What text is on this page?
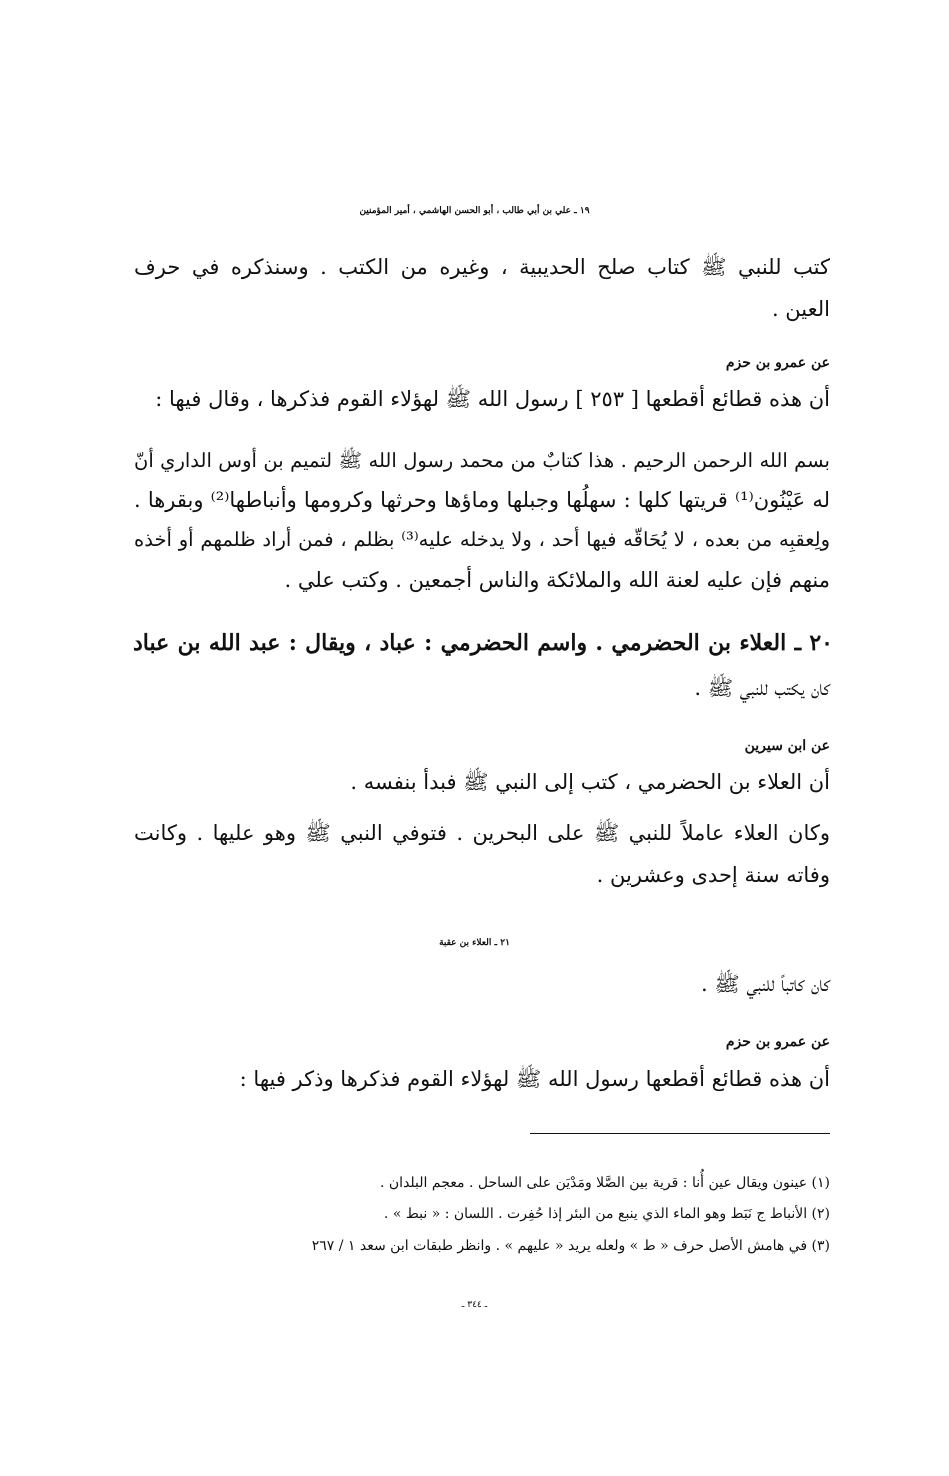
١٩ ـ علي بن أبي طالب ، أبو الحسن الهاشمي ، أمير المؤمنين
كتب للنبي ﷺ كتاب صلح الحديبية ، وغيره من الكتب . وسنذكره في حرف
العين .
عن عمرو بن حزم
أن هذه قطائع أقطعها [ ٢٥٣ ] رسول الله ﷺ لهؤلاء القوم فذكرها ، وقال فيها :
بسم الله الرحمن الرحيم . هذا كتابٌ من محمد رسول الله ﷺ لتميم بن أوس الداري أنّ
له عَيْنُون⁽¹⁾ قريتها كلها : سهلُها وجبلها وماؤها وحرثها وكرومها وأنباطها⁽²⁾ وبقرها .
ولِعقبِه من بعده ، لا يُحَاقّه فيها أحد ، ولا يدخله عليه⁽³⁾ بظلم ، فمن أراد ظلمهم أو أخذه
منهم فإن عليه لعنة الله والملائكة والناس أجمعين . وكتب علي .
٢٠ ـ العلاء بن الحضرمي . واسم الحضرمي : عباد ، ويقال : عبد الله بن عباد
كان يكتب للنبي ﷺ .
عن ابن سيرين
أن العلاء بن الحضرمي ، كتب إلى النبي ﷺ فبدأ بنفسه .
وكان العلاء عاملاً للنبي ﷺ على البحرين . فتوفي النبي ﷺ وهو عليها . وكانت
وفاته سنة إحدى وعشرين .
٢١ ـ العلاء بن عقبة
كان كاتباً للنبي ﷺ .
عن عمرو بن حزم
أن هذه قطائع أقطعها رسول الله ﷺ لهؤلاء القوم فذكرها وذكر فيها :
(١) عينون ويقال عين أُنا : قرية بين الصَّلا ومَدْيَن على الساحل . معجم البلدان .
(٢) الأنباط ج نَبَط وهو الماء الذي ينبع من البئر إذا حُفِرت . اللسان : « نبط » .
(٣) في هامش الأصل حرف « ط » ولعله يريد « عليهم » . وانظر طبقات ابن سعد ١ / ٢٦٧
ـ ٣٤٤ ـ
